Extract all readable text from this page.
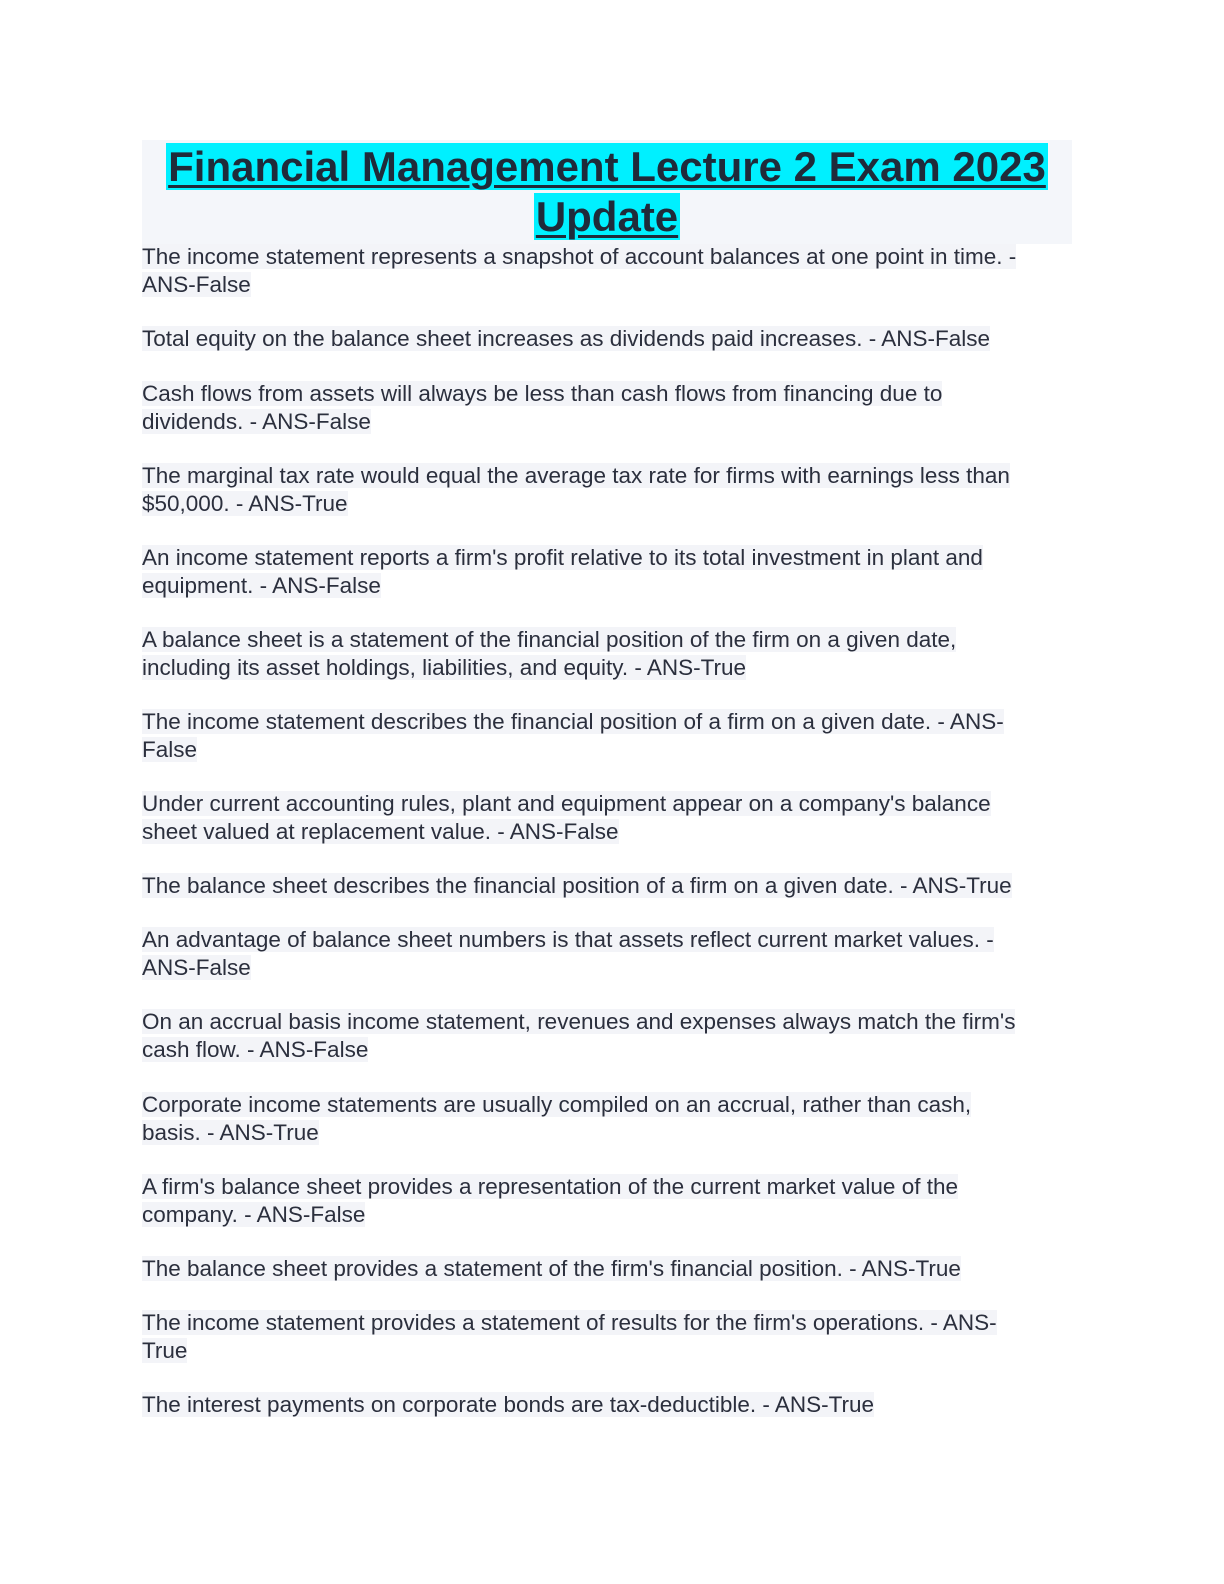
Financial Management Lecture 2 Exam 2023
Update
The income statement represents a snapshot of account balances at one point in time. -
ANS-False
Total equity on the balance sheet increases as dividends paid increases. - ANS-False
Cash flows from assets will always be less than cash flows from financing due to
dividends. - ANS-False
The marginal tax rate would equal the average tax rate for firms with earnings less than
$50,000. - ANS-True
An income statement reports a firm's profit relative to its total investment in plant and
equipment. - ANS-False
A balance sheet is a statement of the financial position of the firm on a given date,
including its asset holdings, liabilities, and equity. - ANS-True
The income statement describes the financial position of a firm on a given date. - ANS-
False
Under current accounting rules, plant and equipment appear on a company's balance
sheet valued at replacement value. - ANS-False
The balance sheet describes the financial position of a firm on a given date. - ANS-True
An advantage of balance sheet numbers is that assets reflect current market values. -
ANS-False
On an accrual basis income statement, revenues and expenses always match the firm's
cash flow. - ANS-False
Corporate income statements are usually compiled on an accrual, rather than cash,
basis. - ANS-True
A firm's balance sheet provides a representation of the current market value of the
company. - ANS-False
The balance sheet provides a statement of the firm's financial position. - ANS-True
The income statement provides a statement of results for the firm's operations. - ANS-
True
The interest payments on corporate bonds are tax-deductible. - ANS-True
